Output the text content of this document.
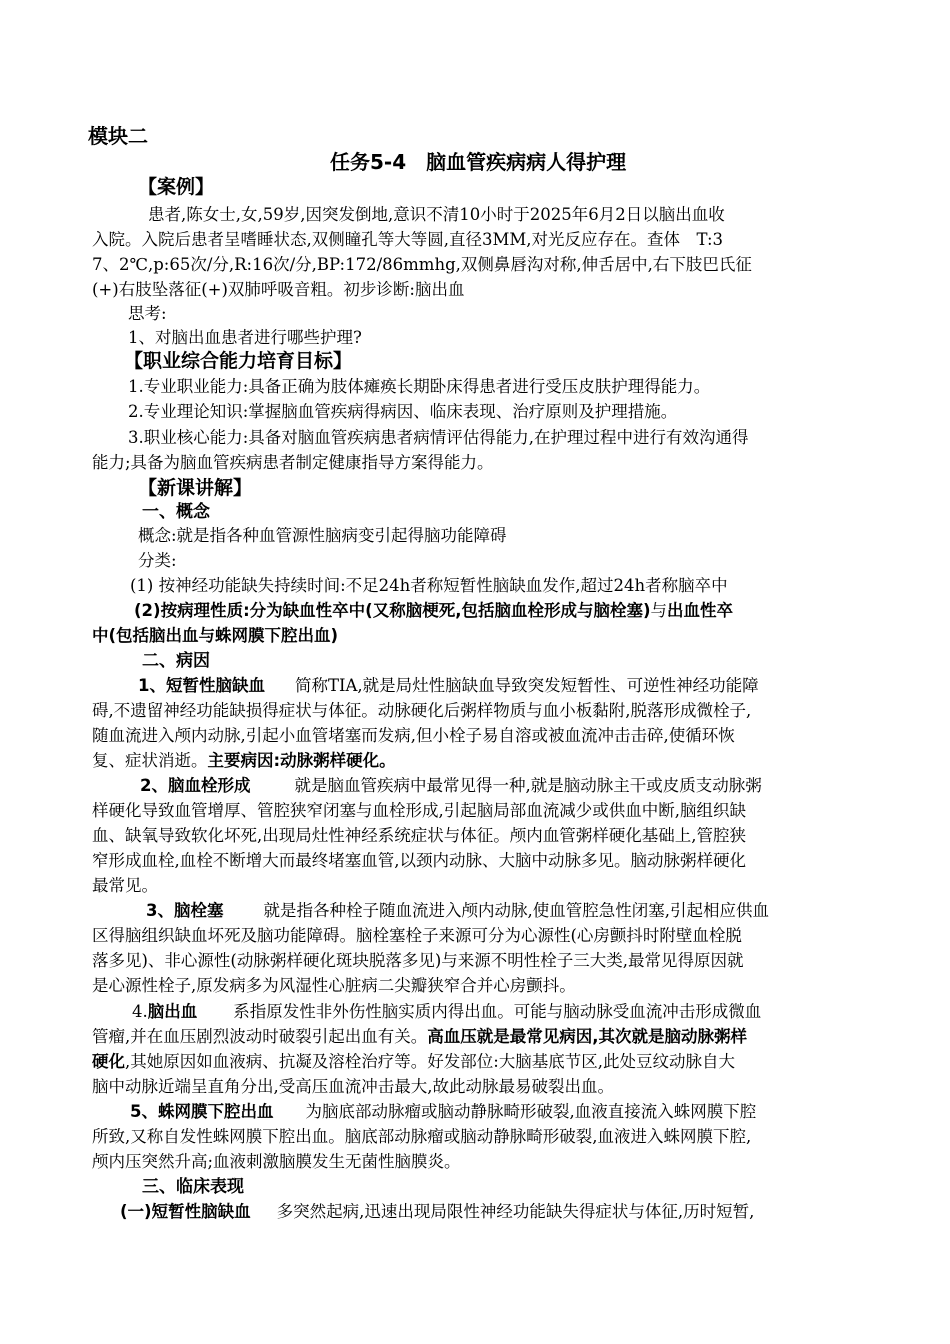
模块二
任务5-4　脑血管疾病病人得护理
【案例】
患者,陈女士,女,59岁,因突发倒地,意识不清10小时于2025年6月2日以脑出血收
入院。入院后患者呈嗜睡状态,双侧瞳孔等大等圆,直径3MM,对光反应存在。查体　T:3
7、2℃,p:65次/分,R:16次/分,BP:172/86mmhg,双侧鼻唇沟对称,伸舌居中,右下肢巴氏征
(+)右肢坠落征(+)双肺呼吸音粗。初步诊断:脑出血
思考:
1、对脑出血患者进行哪些护理?
【职业综合能力培育目标】
1.专业职业能力:具备正确为肢体瘫痪长期卧床得患者进行受压皮肤护理得能力。
2.专业理论知识:掌握脑血管疾病得病因、临床表现、治疗原则及护理措施。
3.职业核心能力:具备对脑血管疾病患者病情评估得能力,在护理过程中进行有效沟通得
能力;具备为脑血管疾病患者制定健康指导方案得能力。
【新课讲解】
一、概念
概念:就是指各种血管源性脑病变引起得脑功能障碍
分类:
(1) 按神经功能缺失持续时间:不足24h者称短暂性脑缺血发作,超过24h者称脑卒中
(2)按病理性质:分为缺血性卒中(又称脑梗死,包括脑血栓形成与脑栓塞)与出血性卒
中(包括脑出血与蛛网膜下腔出血)
二、病因
1、短暂性脑缺血 简称TIA,就是局灶性脑缺血导致突发短暂性、可逆性神经功能障
碍,不遗留神经功能缺损得症状与体征。动脉硬化后粥样物质与血小板黏附,脱落形成微栓子,
随血流进入颅内动脉,引起小血管堵塞而发病,但小栓子易自溶或被血流冲击击碎,使循环恢
复、症状消逝。主要病因:动脉粥样硬化。
2、脑血栓形成	就是脑血管疾病中最常见得一种,就是脑动脉主干或皮质支动脉粥
样硬化导致血管增厚、管腔狭窄闭塞与血栓形成,引起脑局部血流减少或供血中断,脑组织缺
血、缺氧导致软化坏死,出现局灶性神经系统症状与体征。颅内血管粥样硬化基础上,管腔狭
窄形成血栓,血栓不断增大而最终堵塞血管,以颈内动脉、大脑中动脉多见。脑动脉粥样硬化
最常见。
3、脑栓塞 就是指各种栓子随血流进入颅内动脉,使血管腔急性闭塞,引起相应供血
区得脑组织缺血坏死及脑功能障碍。脑栓塞栓子来源可分为心源性(心房颤抖时附壁血栓脱
落多见)、非心源性(动脉粥样硬化斑块脱落多见)与来源不明性栓子三大类,最常见得原因就
是心源性栓子,原发病多为风湿性心脏病二尖瓣狭窄合并心房颤抖。
4.脑出血 系指原发性非外伤性脑实质内得出血。可能与脑动脉受血流冲击形成微血
管瘤,并在血压剧烈波动时破裂引起出血有关。高血压就是最常见病因,其次就是脑动脉粥样
硬化,其她原因如血液病、抗凝及溶栓治疗等。好发部位:大脑基底节区,此处豆纹动脉自大
脑中动脉近端呈直角分出,受高压血流冲击最大,故此动脉最易破裂出血。
5、蛛网膜下腔出血 为脑底部动脉瘤或脑动静脉畸形破裂,血液直接流入蛛网膜下腔
所致,又称自发性蛛网膜下腔出血。脑底部动脉瘤或脑动静脉畸形破裂,血液进入蛛网膜下腔,
颅内压突然升高;血液刺激脑膜发生无菌性脑膜炎。
三、临床表现
(一)短暂性脑缺血 多突然起病,迅速出现局限性神经功能缺失得症状与体征,历时短暂,
